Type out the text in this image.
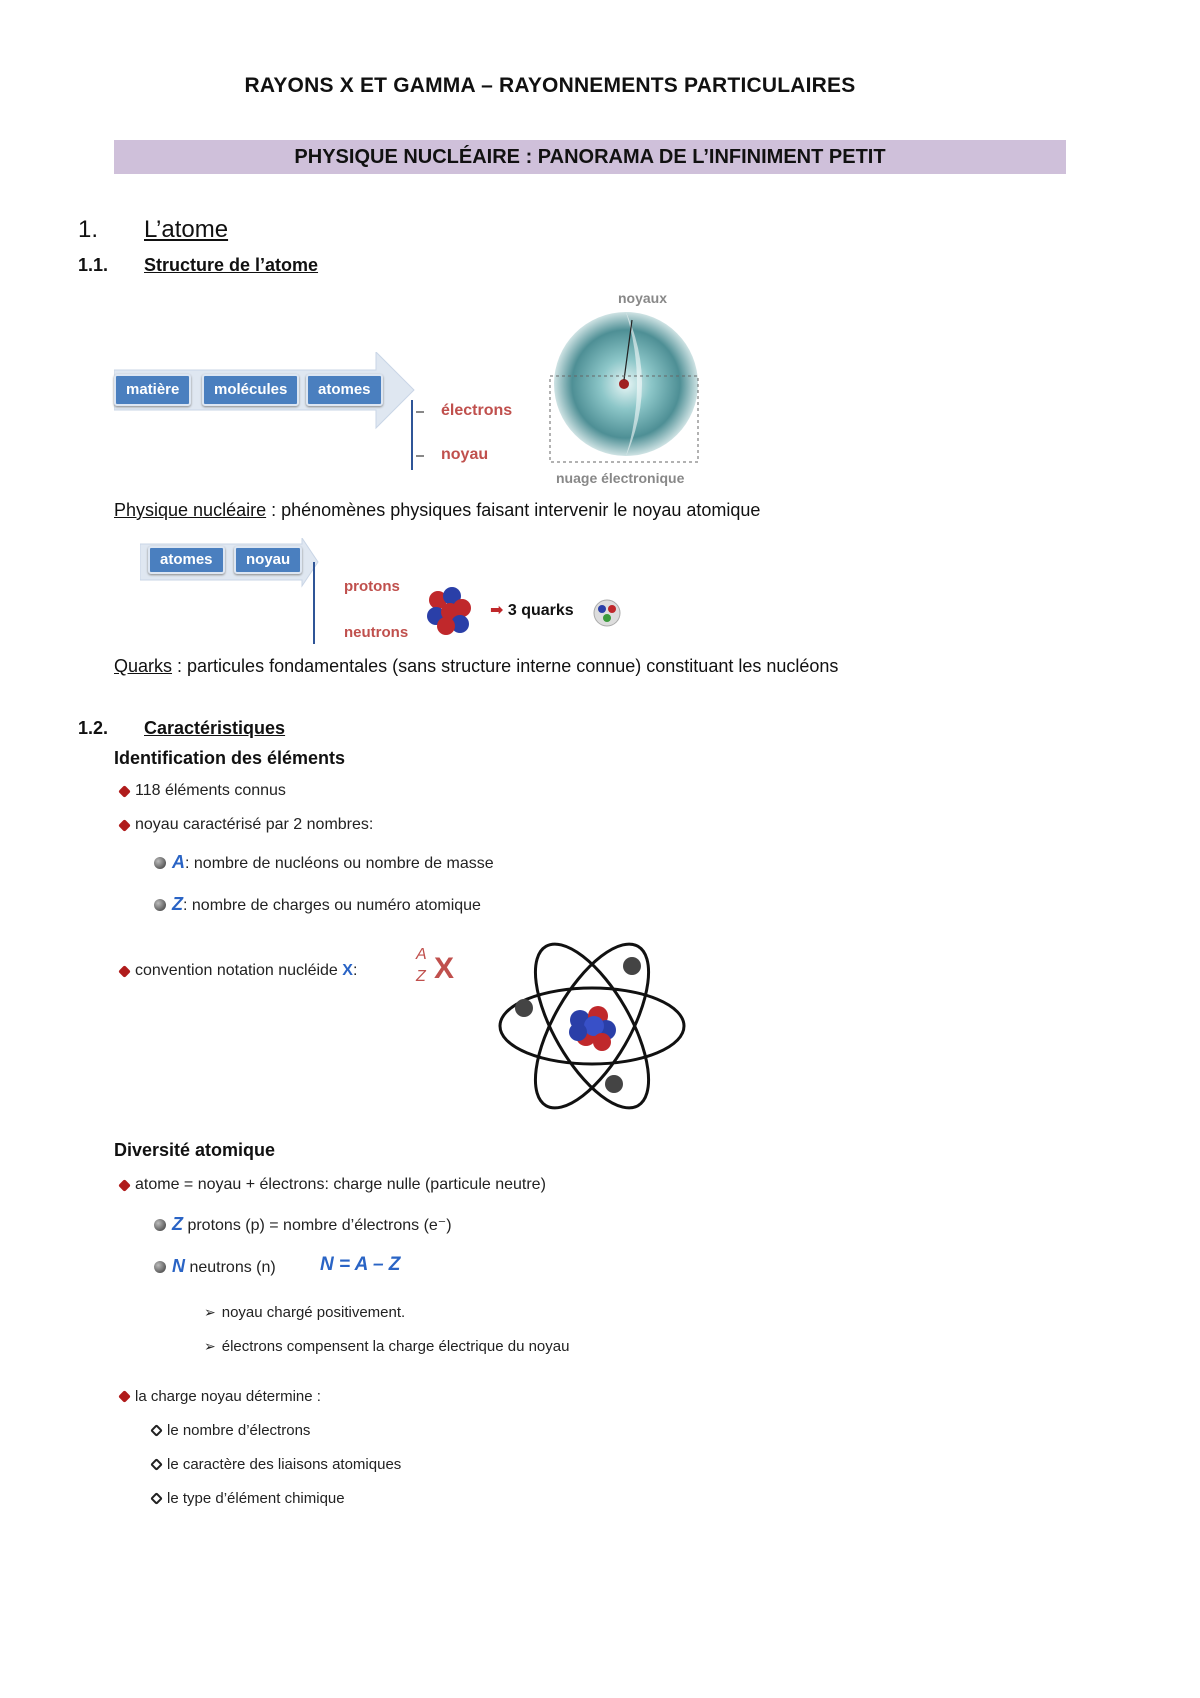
RAYONS X ET GAMMA – RAYONNEMENTS PARTICULAIRES
PHYSIQUE NUCLÉAIRE : PANORAMA DE L’INFINIMENT PETIT
1. L’atome
1.1. Structure de l’atome
matière	molécules	atomes
électrons
noyau
noyaux
nuage électronique
Physique nucléaire : phénomènes physiques faisant intervenir le noyau atomique
atomes	noyau
protons
neutrons
➡ 3 quarks
Quarks : particules fondamentales (sans structure interne connue) constituant les nucléons
1.2. Caractéristiques
Identification des éléments
118 éléments connus
noyau caractérisé par 2 nombres:
A: nombre de nucléons ou nombre de masse
Z: nombre de charges ou numéro atomique
convention notation nucléide X:
A
Z X
Diversité atomique
atome = noyau + électrons: charge nulle (particule neutre)
Z protons (p) = nombre d’électrons (e⁻)
N neutrons (n) N = A – Z
➢ noyau chargé positivement.
➢ électrons compensent la charge électrique du noyau
la charge noyau détermine :
le nombre d’électrons
le caractère des liaisons atomiques
le type d’élément chimique
